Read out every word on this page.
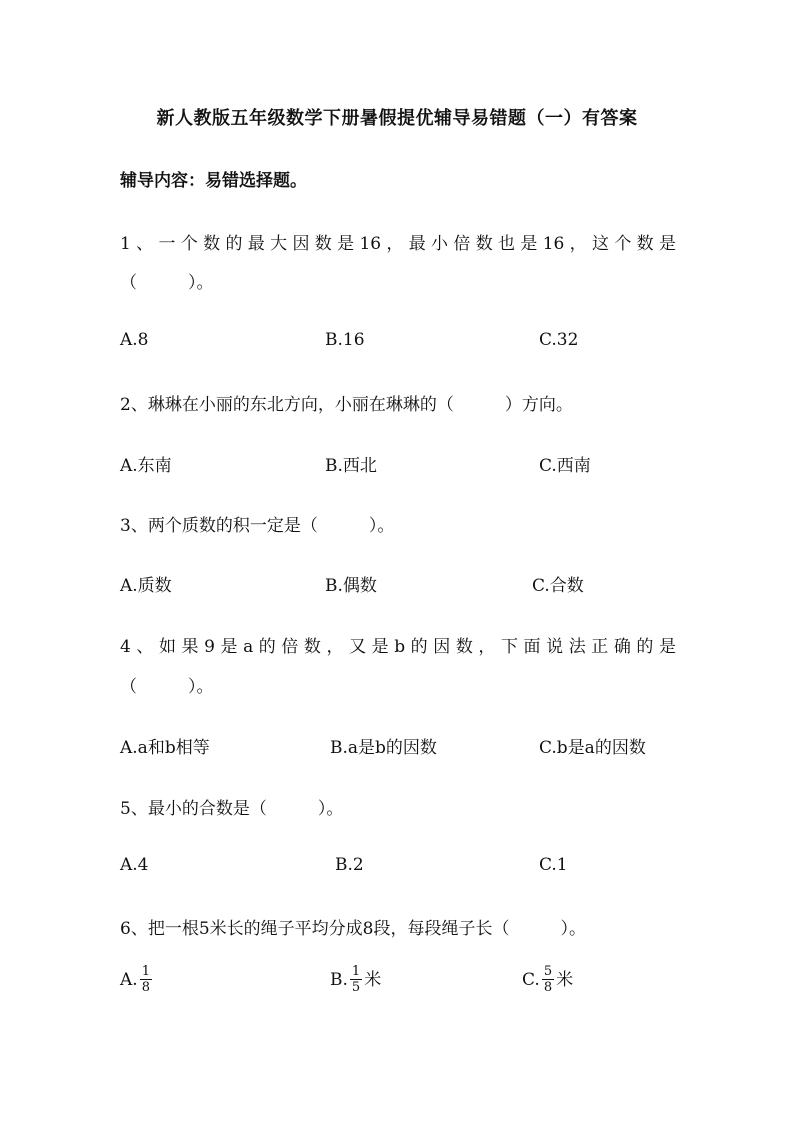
新人教版五年级数学下册暑假提优辅导易错题（一）有答案
辅导内容：易错选择题。
1、一个数的最大因数是16，最小倍数也是16，这个数是
（　　　）。
A.8	B.16	C.32
2、琳琳在小丽的东北方向，小丽在琳琳的（　　　）方向。
A.东南	B.西北	C.西南
3、两个质数的积一定是（　　　）。
A.质数	B.偶数	C.合数
4、如果9是a的倍数，又是b的因数，下面说法正确的是
（　　　）。
A.a和b相等	B.a是b的因数	C.b是a的因数
5、最小的合数是（　　　）。
A.4	B.2	C.1
6、把一根5米长的绳子平均分成8段，每段绳子长（　　　）。
A. $\frac{1}{8}$	B. $\frac{1}{5}$ 米	C. $\frac{5}{8}$ 米
